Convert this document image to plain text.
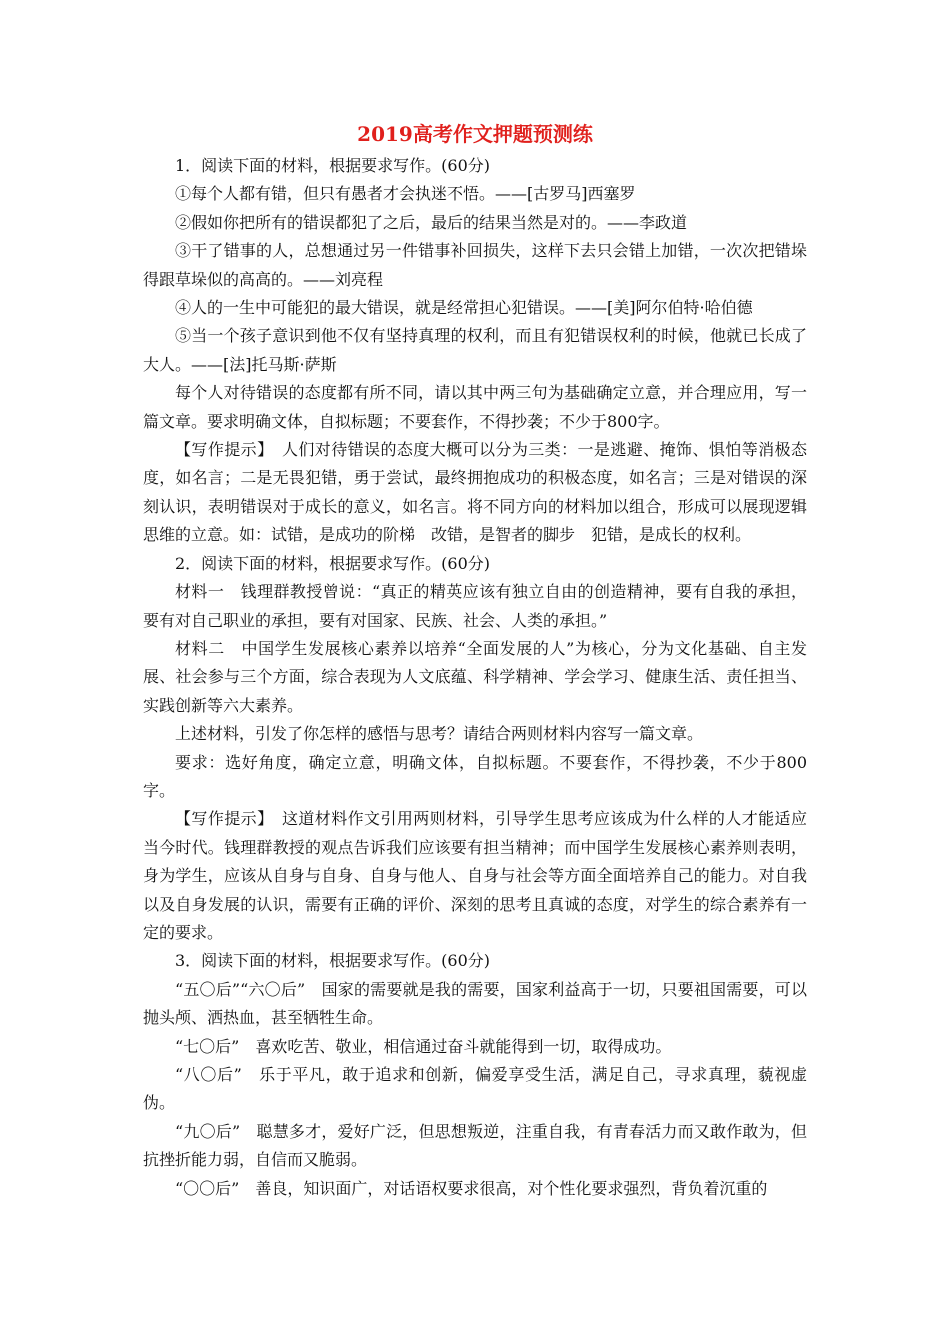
2019高考作文押题预测练

1．阅读下面的材料，根据要求写作。(60分)

①每个人都有错，但只有愚者才会执迷不悟。——[古罗马]西塞罗

②假如你把所有的错误都犯了之后，最后的结果当然是对的。——李政道

③干了错事的人，总想通过另一件错事补回损失，这样下去只会错上加错，一次次把错垛得跟草垛似的高高的。——刘亮程

④人的一生中可能犯的最大错误，就是经常担心犯错误。——[美]阿尔伯特·哈伯德

⑤当一个孩子意识到他不仅有坚持真理的权利，而且有犯错误权利的时候，他就已长成了大人。——[法]托马斯·萨斯

每个人对待错误的态度都有所不同，请以其中两三句为基础确定立意，并合理应用，写一篇文章。要求明确文体，自拟标题；不要套作，不得抄袭；不少于800字。

【写作提示】　 人们对待错误的态度大概可以分为三类：一是逃避、掩饰、惧怕等消极态度，如名言；二是无畏犯错，勇于尝试，最终拥抱成功的积极态度，如名言；三是对错误的深刻认识，表明错误对于成长的意义，如名言。将不同方向的材料加以组合，形成可以展现逻辑思维的立意。如：试错，是成功的阶梯　改错，是智者的脚步　犯错，是成长的权利。

2．阅读下面的材料，根据要求写作。(60分)

材料一　钱理群教授曾说：“真正的精英应该有独立自由的创造精神，要有自我的承担，要有对自己职业的承担，要有对国家、民族、社会、人类的承担。”

材料二　中国学生发展核心素养以培养“全面发展的人”为核心，分为文化基础、自主发展、社会参与三个方面，综合表现为人文底蕴、科学精神、学会学习、健康生活、责任担当、实践创新等六大素养。

上述材料，引发了你怎样的感悟与思考？请结合两则材料内容写一篇文章。

要求：选好角度，确定立意，明确文体，自拟标题。不要套作，不得抄袭，不少于800字。

【写作提示】　 这道材料作文引用两则材料，引导学生思考应该成为什么样的人才能适应当今时代。钱理群教授的观点告诉我们应该要有担当精神；而中国学生发展核心素养则表明，身为学生，应该从自身与自身、自身与他人、自身与社会等方面全面培养自己的能力。对自我以及自身发展的认识，需要有正确的评价、深刻的思考且真诚的态度，对学生的综合素养有一定的要求。

3．阅读下面的材料，根据要求写作。(60分)

“五〇后”“六〇后”　国家的需要就是我的需要，国家利益高于一切，只要祖国需要，可以抛头颅、洒热血，甚至牺牲生命。

“七〇后”　喜欢吃苦、敬业，相信通过奋斗就能得到一切，取得成功。

“八〇后”　乐于平凡，敢于追求和创新，偏爱享受生活，满足自己，寻求真理，藐视虚伪。

“九〇后”　聪慧多才，爱好广泛，但思想叛逆，注重自我，有青春活力而又敢作敢为，但抗挫折能力弱，自信而又脆弱。

“〇〇后”　善良，知识面广，对话语权要求很高，对个性化要求强烈，背负着沉重的
